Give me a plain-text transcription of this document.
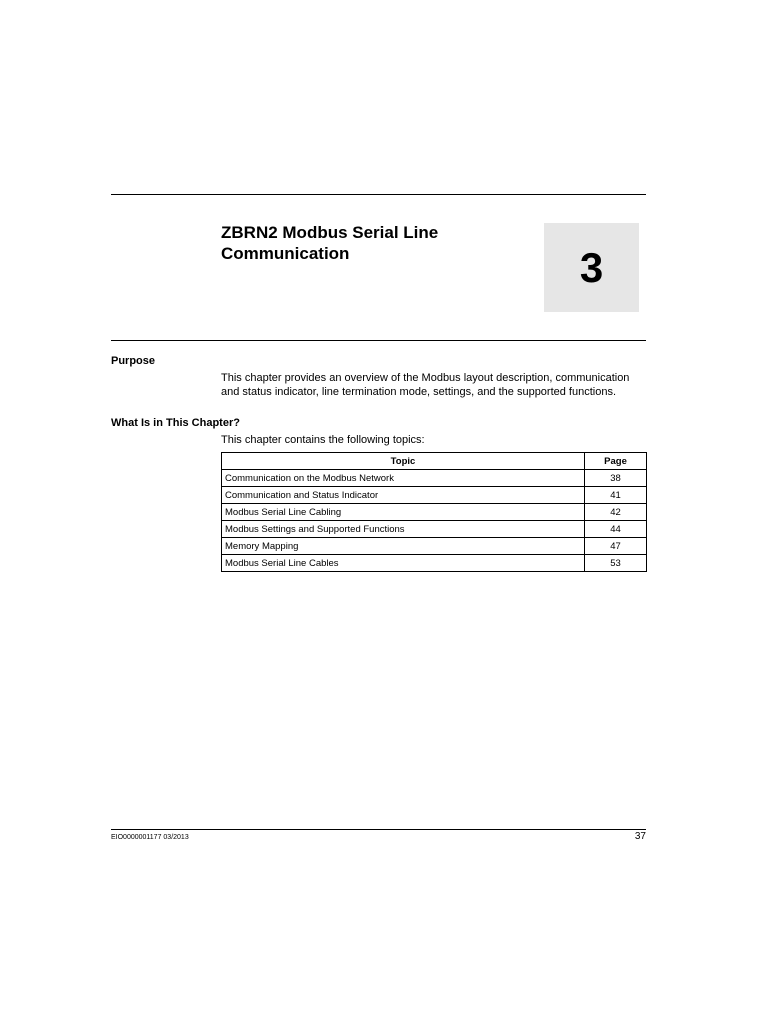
ZBRN2 Modbus Serial Line
Communication	3
Purpose

This chapter provides an overview of the Modbus layout description, communication and status indicator, line termination mode, settings, and the supported functions.

What Is in This Chapter?

This chapter contains the following topics:

Topic	Page
Communication on the Modbus Network	38
Communication and Status Indicator	41
Modbus Serial Line Cabling	42
Modbus Settings and Supported Functions	44
Memory Mapping	47
Modbus Serial Line Cables	53
EIO0000001177 03/2013	37
